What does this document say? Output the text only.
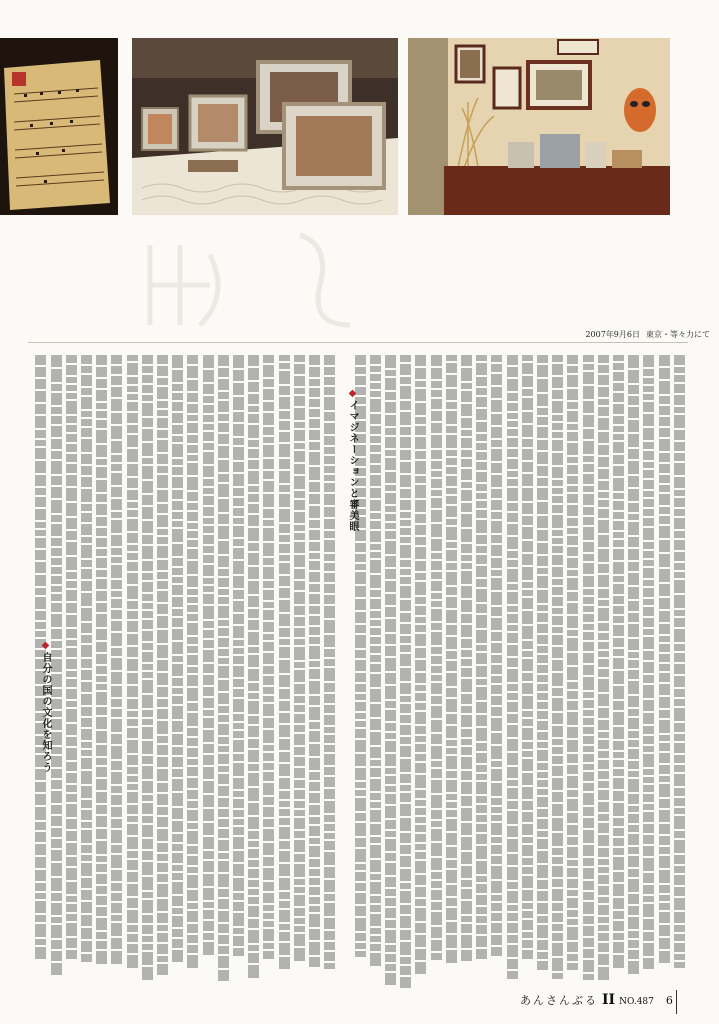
2007年9月6日 東京・等々力にて
◆イマジネーションと審美眼
◆自分の国の文化を知ろう
あんさんぶる II NO.487 6
